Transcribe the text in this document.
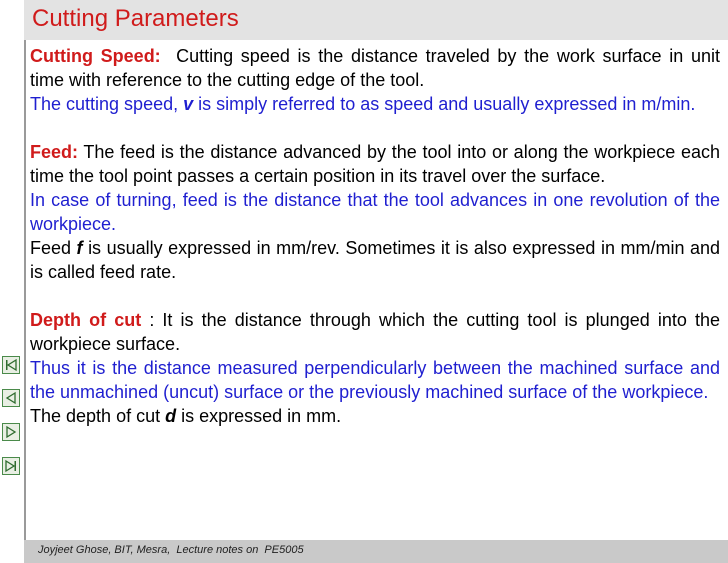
Cutting Parameters

Cutting Speed: Cutting speed is the distance traveled by the work surface in unit time with reference to the cutting edge of the tool.

The cutting speed, v is simply referred to as speed and usually expressed in m/min.

Feed: The feed is the distance advanced by the tool into or along the workpiece each time the tool point passes a certain position in its travel over the surface.

In case of turning, feed is the distance that the tool advances in one revolution of the workpiece.

Feed f is usually expressed in mm/rev. Sometimes it is also expressed in mm/min and is called feed rate.

Depth of cut : It is the distance through which the cutting tool is plunged into the workpiece surface.

Thus it is the distance measured perpendicularly between the machined surface and the unmachined (uncut) surface or the previously machined surface of the workpiece.

The depth of cut d is expressed in mm.

Joyjeet Ghose, BIT, Mesra,  Lecture notes on  PE5005
